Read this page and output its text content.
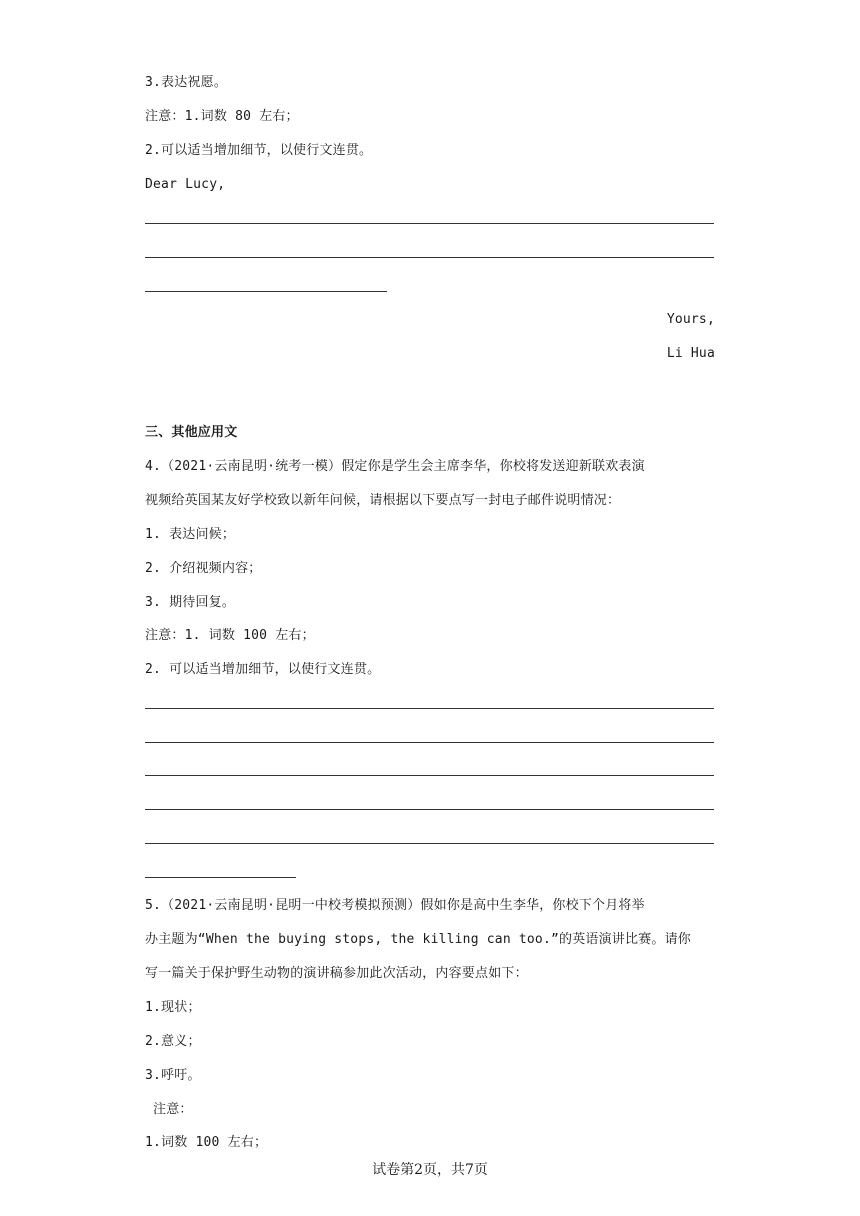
3.表达祝愿。
注意：1.词数 80 左右；
2.可以适当增加细节，以使行文连贯。
Dear Lucy,
Yours,
Li Hua
三、其他应用文
4.（2021·云南昆明·统考一模）假定你是学生会主席李华，你校将发送迎新联欢表演
视频给英国某友好学校致以新年问候，请根据以下要点写一封电子邮件说明情况：
1. 表达问候；
2. 介绍视频内容；
3. 期待回复。
注意：1. 词数 100 左右；
2. 可以适当增加细节，以使行文连贯。
5.（2021·云南昆明·昆明一中校考模拟预测）假如你是高中生李华，你校下个月将举
办主题为“When the buying stops, the killing can too.”的英语演讲比赛。请你
写一篇关于保护野生动物的演讲稿参加此次活动，内容要点如下：
1.现状；
2.意义；
3.呼吁。
注意：
1.词数 100 左右；
试卷第2页，共7页
